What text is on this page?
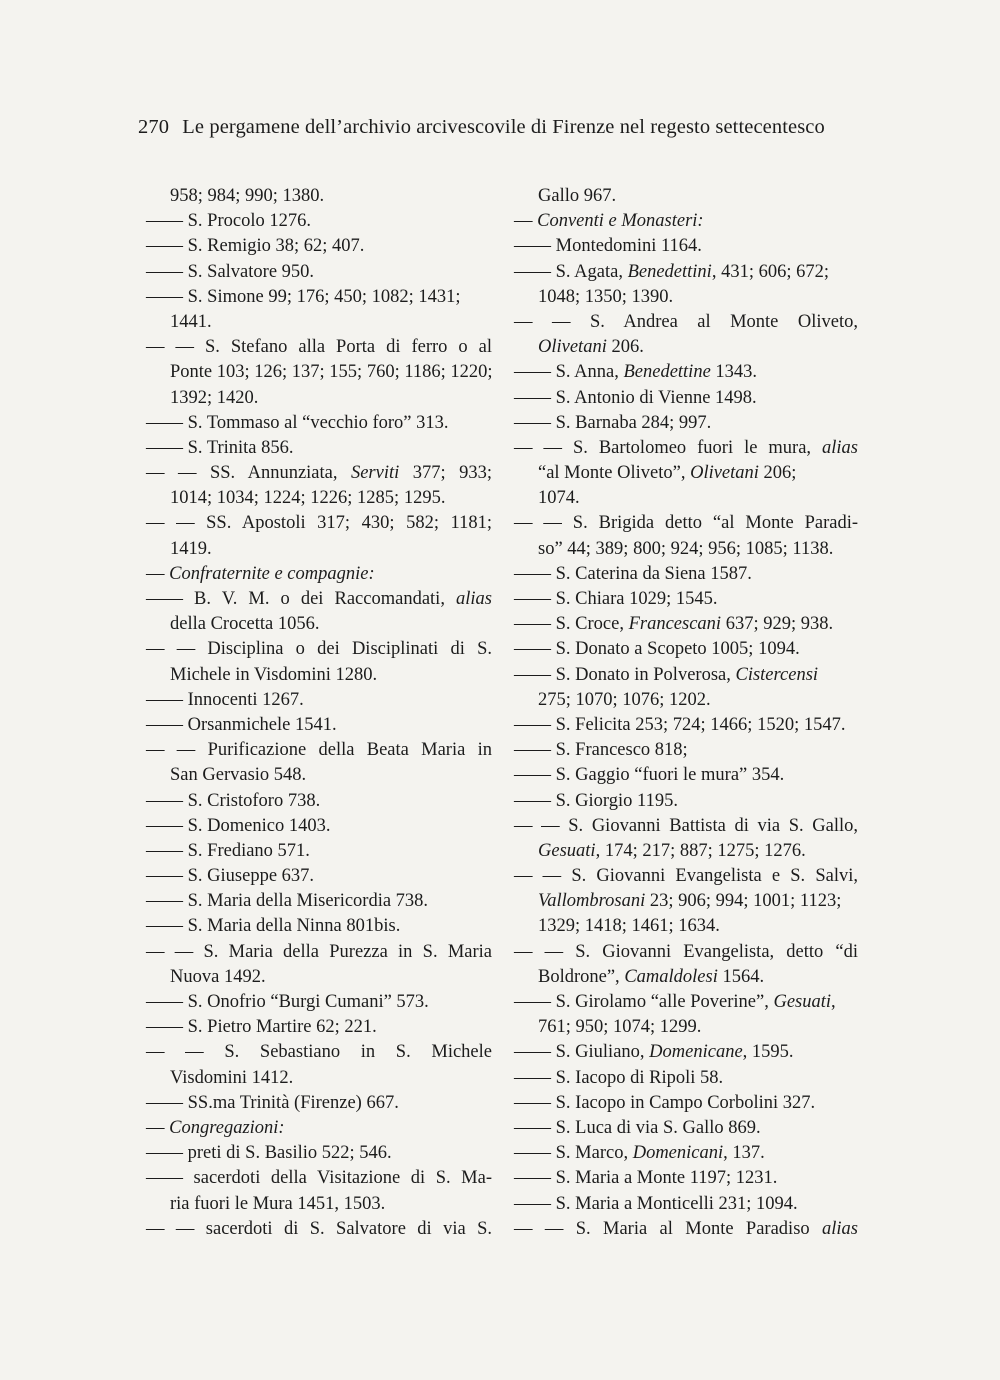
270 Le pergamene dell’archivio arcivescovile di Firenze nel regesto settecentesco
958; 984; 990; 1380.
—— S. Procolo 1276.
—— S. Remigio 38; 62; 407.
—— S. Salvatore 950.
—— S. Simone 99; 176; 450; 1082; 1431;
1441.
— — S. Stefano alla Porta di ferro o al
Ponte 103; 126; 137; 155; 760; 1186; 1220;
1392; 1420.
—— S. Tommaso al “vecchio foro” 313.
—— S. Trinita 856.
— — SS. Annunziata, Serviti 377; 933;
1014; 1034; 1224; 1226; 1285; 1295.
— — SS. Apostoli 317; 430; 582; 1181;
1419.
— Confraternite e compagnie:
—— B. V. M. o dei Raccomandati, alias
della Crocetta 1056.
— — Disciplina o dei Disciplinati di S.
Michele in Visdomini 1280.
—— Innocenti 1267.
—— Orsanmichele 1541.
— — Purificazione della Beata Maria in
San Gervasio 548.
—— S. Cristoforo 738.
—— S. Domenico 1403.
—— S. Frediano 571.
—— S. Giuseppe 637.
—— S. Maria della Misericordia 738.
—— S. Maria della Ninna 801bis.
— — S. Maria della Purezza in S. Maria
Nuova 1492.
—— S. Onofrio “Burgi Cumani” 573.
—— S. Pietro Martire 62; 221.
— — S. Sebastiano in S. Michele
Visdomini 1412.
—— SS.ma Trinità (Firenze) 667.
— Congregazioni:
—— preti di S. Basilio 522; 546.
—— sacerdoti della Visitazione di S. Ma-
ria fuori le Mura 1451, 1503.
— — sacerdoti di S. Salvatore di via S.
Gallo 967.
— Conventi e Monasteri:
—— Montedomini 1164.
—— S. Agata, Benedettini, 431; 606; 672;
1048; 1350; 1390.
— — S. Andrea al Monte Oliveto,
Olivetani 206.
—— S. Anna, Benedettine 1343.
—— S. Antonio di Vienne 1498.
—— S. Barnaba 284; 997.
— — S. Bartolomeo fuori le mura, alias
“al Monte Oliveto”, Olivetani 206;
1074.
— — S. Brigida detto “al Monte Paradi-
so” 44; 389; 800; 924; 956; 1085; 1138.
—— S. Caterina da Siena 1587.
—— S. Chiara 1029; 1545.
—— S. Croce, Francescani 637; 929; 938.
—— S. Donato a Scopeto 1005; 1094.
—— S. Donato in Polverosa, Cistercensi
275; 1070; 1076; 1202.
—— S. Felicita 253; 724; 1466; 1520; 1547.
—— S. Francesco 818;
—— S. Gaggio “fuori le mura” 354.
—— S. Giorgio 1195.
— — S. Giovanni Battista di via S. Gallo,
Gesuati, 174; 217; 887; 1275; 1276.
— — S. Giovanni Evangelista e S. Salvi,
Vallombrosani 23; 906; 994; 1001; 1123;
1329; 1418; 1461; 1634.
— — S. Giovanni Evangelista, detto “di
Boldrone”, Camaldolesi 1564.
—— S. Girolamo “alle Poverine”, Gesuati,
761; 950; 1074; 1299.
—— S. Giuliano, Domenicane, 1595.
—— S. Iacopo di Ripoli 58.
—— S. Iacopo in Campo Corbolini 327.
—— S. Luca di via S. Gallo 869.
—— S. Marco, Domenicani, 137.
—— S. Maria a Monte 1197; 1231.
—— S. Maria a Monticelli 231; 1094.
— — S. Maria al Monte Paradiso alias
